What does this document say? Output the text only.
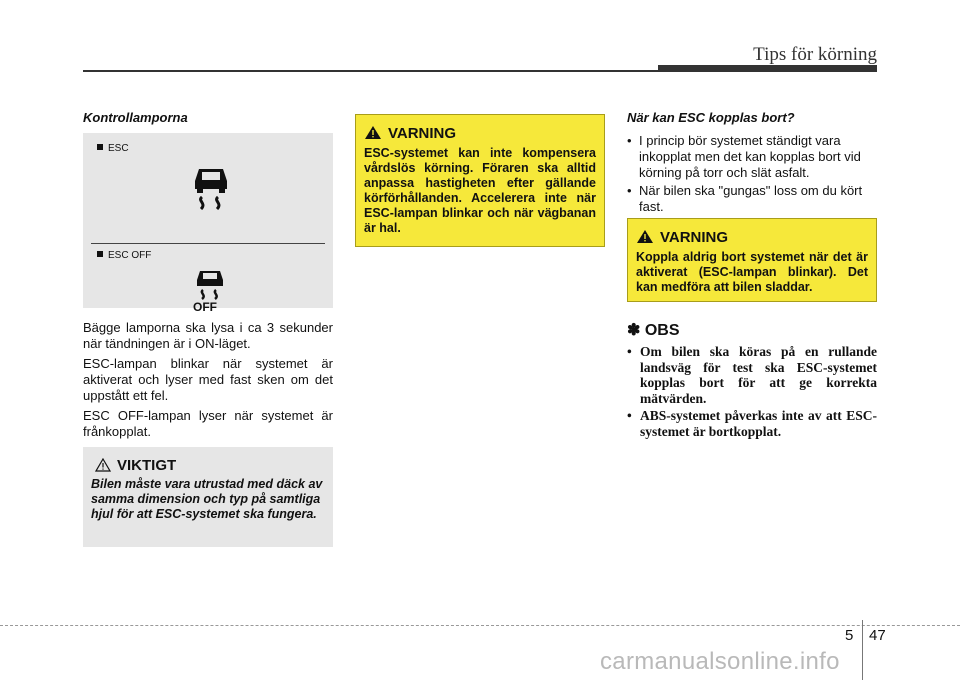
Tips för körning
Kontrollamporna
ESC
ESC OFF
OFF

Bägge lamporna ska lysa i ca 3 sekunder när tändningen är i ON-läget.

ESC-lampan blinkar när systemet är aktiverat och lyser med fast sken om det uppstått ett fel.

ESC OFF-lampan lyser när systemet är frånkopplat.

VIKTIGT
Bilen måste vara utrustad med däck av samma dimension och typ på samtliga hjul för att ESC-systemet ska fungera.
VARNING
ESC-systemet kan inte kompensera vårdslös körning. Föraren ska alltid anpassa hastigheten efter gällande körförhållanden. Accelerera inte när ESC-lampan blinkar och när vägbanan är hal.
När kan ESC kopplas bort?
• I princip bör systemet ständigt vara inkopplat men det kan kopplas bort vid körning på torr och slät asfalt.
• När bilen ska "gungas" loss om du kört fast.
VARNING
Koppla aldrig bort systemet när det är aktiverat (ESC-lampan blinkar). Det kan medföra att bilen sladdar.
✽ OBS
• Om bilen ska köras på en rullande landsväg för test ska ESC-systemet kopplas bort för att ge korrekta mätvärden.
• ABS-systemet påverkas inte av att ESC-systemet är bortkopplat.
5 47
carmanualsonline.info
